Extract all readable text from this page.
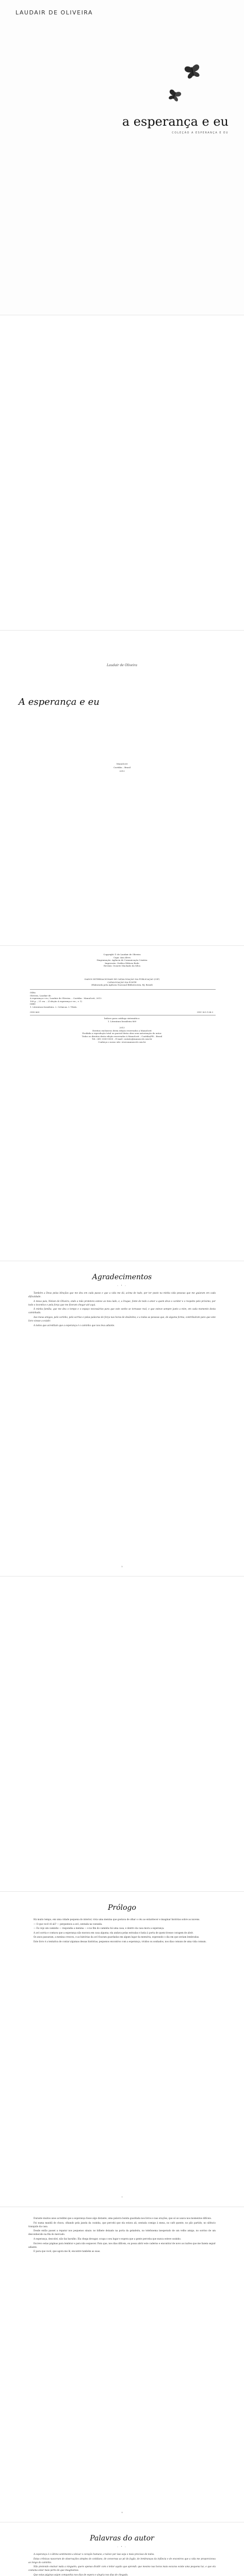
LAUDAIR DE OLIVEIRA
a esperança e eu
COLEÇÃO A ESPERANÇA E EU
Laudair de Oliveira
A esperança e eu
ManuScrit
Curitiba – Brasil
2013
Copyright © de Laudair de Oliveira
Capa: Ana Alves
Diagramação: Agência de Comunicação Criativa
Impressão: Gráfica Editora Rede
Revisão: Ivonete Machado da Silva
DADOS INTERNACIONAIS DE CATALOGAÇÃO NA PUBLICAÇÃO (CIP)
CATALOGAÇÃO NA FONTE
(Elaborada pela Agência Nacional Bibliotecária, RJ, Brasil)
O48a
Oliveira, Laudair de.
A esperança e eu / Laudair de Oliveira. – Curitiba : ManuScrit, 2013.
108 p. ; 21 cm. – (Coleção A esperança e eu ; v. 1)
ISBN
1. Literatura brasileira. 2. Crônicas. I. Título.
CDD 869	CDU 821.134.3
Índices para catálogo sistemático:
1. Literatura brasileira 869
2013
Direitos exclusivos desta edição reservados a ManuScrit
Proibida a reprodução total ou parcial desta obra sem autorização do autor.
Todos os direitos desta edição reservados à ManuScrit – Curitiba/PR – Brasil
Tel.: (41) 3000-0000 – E-mail: contato@manuscrit.com.br
Conheça o nosso site: www.manuscrit.com.br
Agradecimentos
– • –

Também a Deus pelas bênçãos que me deu em cada passo e que a vida me dá, acima de tudo, por ter posto na minha vida pessoas que me guiaram em cada dificuldade.

A meus pais, Nelson de Oliveira, onde a mão protetora esteve ao meu lado, e, a Iraque, fonte de todo o amor a quem devo o caráter e o respeito pelo próximo; por todo o incentivo e pela força que me fizeram chegar até aqui.

À minha família, que me deu o tempo e o espaço necessários para que este sonho se tornasse real, e que esteve sempre junto a mim, em cada momento desta caminhada.

Aos meus amigos, pelo carinho, pelo sorriso e pelas palavras de força nas horas de desânimo; e a todas as pessoas que, de alguma forma, contribuíram para que este livro viesse a existir.

A todos que acreditam que a esperança é o caminho que nos leva adiante.

5
Prólogo

Há muito tempo, em uma cidade pequena do interior, vivia uma menina que gostava de olhar o céu ao entardecer e imaginar histórias sobre as nuvens.

— O que você vê ali? — perguntava a avó, sentada na varanda.

— Eu vejo um caminho — respondia a menina — e no fim do caminho há uma casa, e dentro da casa mora a esperança.

A avó sorria e contava que a esperança não morava em casa alguma; ela andava pelas estradas e batia à porta de quem tivesse coragem de abrir.

Os anos passaram, a menina cresceu, e as histórias da avó ficaram guardadas em algum lugar da memória, esperando o dia em que seriam lembradas.

Este livro é a tentativa de contar algumas dessas histórias; pequenos encontros com a esperança, vividos ou sonhados, nos dias comuns de uma vida comum.

7

Durante muitos anos acreditei que a esperança fosse algo distante, uma palavra bonita guardada nos livros e nas orações, que só se usava nos momentos difíceis.

Foi numa manhã de chuva, olhando pela janela da cozinha, que percebi que ela estava ali, sentada comigo à mesa, no café quente, no pão partido, no silêncio tranquilo da casa.

Desde então passei a reparar nos pequenos sinais: no bilhete deixado na porta da geladeira, no telefonema inesperado de um velho amigo, no sorriso de um desconhecido na fila do mercado.

A esperança, descobri, não faz barulho. Ela chega devagar, ocupa o seu lugar e espera que a gente perceba que nunca esteve sozinho.

Escrevo estas páginas para lembrar e para não esquecer. Para que, nos dias difíceis, eu possa abrir este caderno e encontrar de novo as razões que me fazem seguir adiante.

E para que você, que agora me lê, encontre também as suas.

9
Palavras do autor
– • –

A esperança é o último sentimento a deixar o coração humano, e talvez por isso seja o mais precioso de todos.

Estas crônicas nasceram de observações simples do cotidiano, de conversas ao pé do fogão, de lembranças da infância e de encontros que a vida me proporcionou ao longo do caminho.

Não pretendo ensinar nada a ninguém; quero apenas dividir com o leitor aquilo que aprendi: que mesmo nas horas mais escuras existe uma pequena luz, e que ela costuma estar mais perto do que imaginamos.

Que estas páginas sejam companhia nos dias de espera e alegria nos dias de chegada.
